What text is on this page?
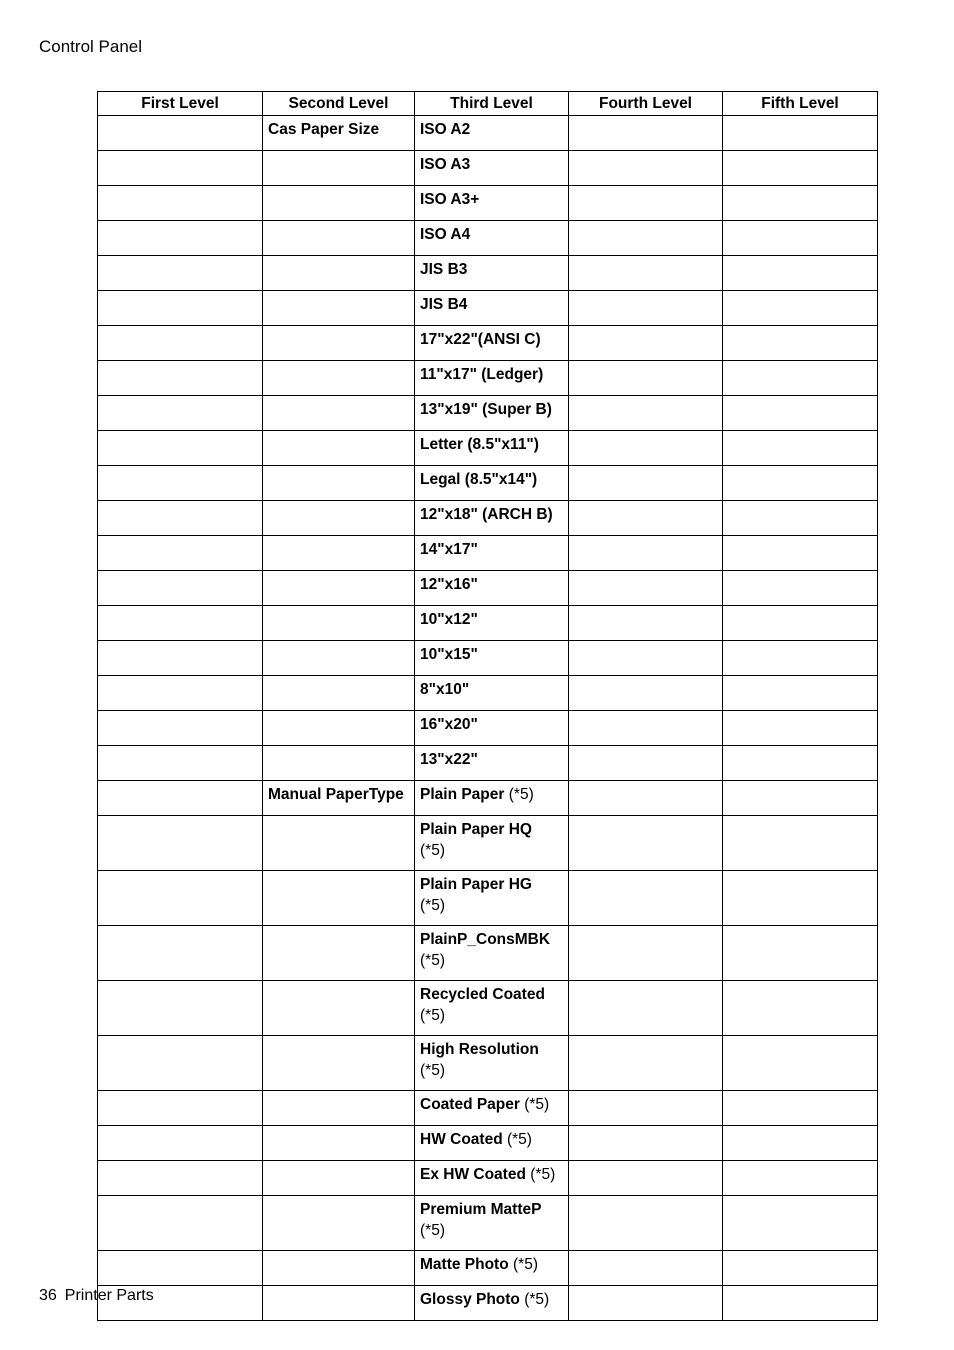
Control Panel
First Level	Second Level	Third Level	Fourth Level	Fifth Level
	Cas Paper Size	ISO A2		
		ISO A3		
		ISO A3+		
		ISO A4		
		JIS B3		
		JIS B4		
		17"x22"(ANSI C)		
		11"x17" (Ledger)		
		13"x19" (Super B)		
		Letter (8.5"x11")		
		Legal (8.5"x14")		
		12"x18" (ARCH B)		
		14"x17"		
		12"x16"		
		10"x12"		
		10"x15"		
		8"x10"		
		16"x20"		
		13"x22"		
	Manual PaperType	Plain Paper (*5)		
		Plain Paper HQ
(*5)		
		Plain Paper HG
(*5)		
		PlainP_ConsMBK
(*5)		
		Recycled Coated
(*5)		
		High Resolution
(*5)		
		Coated Paper (*5)		
		HW Coated (*5)		
		Ex HW Coated (*5)		
		Premium MatteP
(*5)		
		Matte Photo (*5)		
		Glossy Photo (*5)		
36 Printer Parts
